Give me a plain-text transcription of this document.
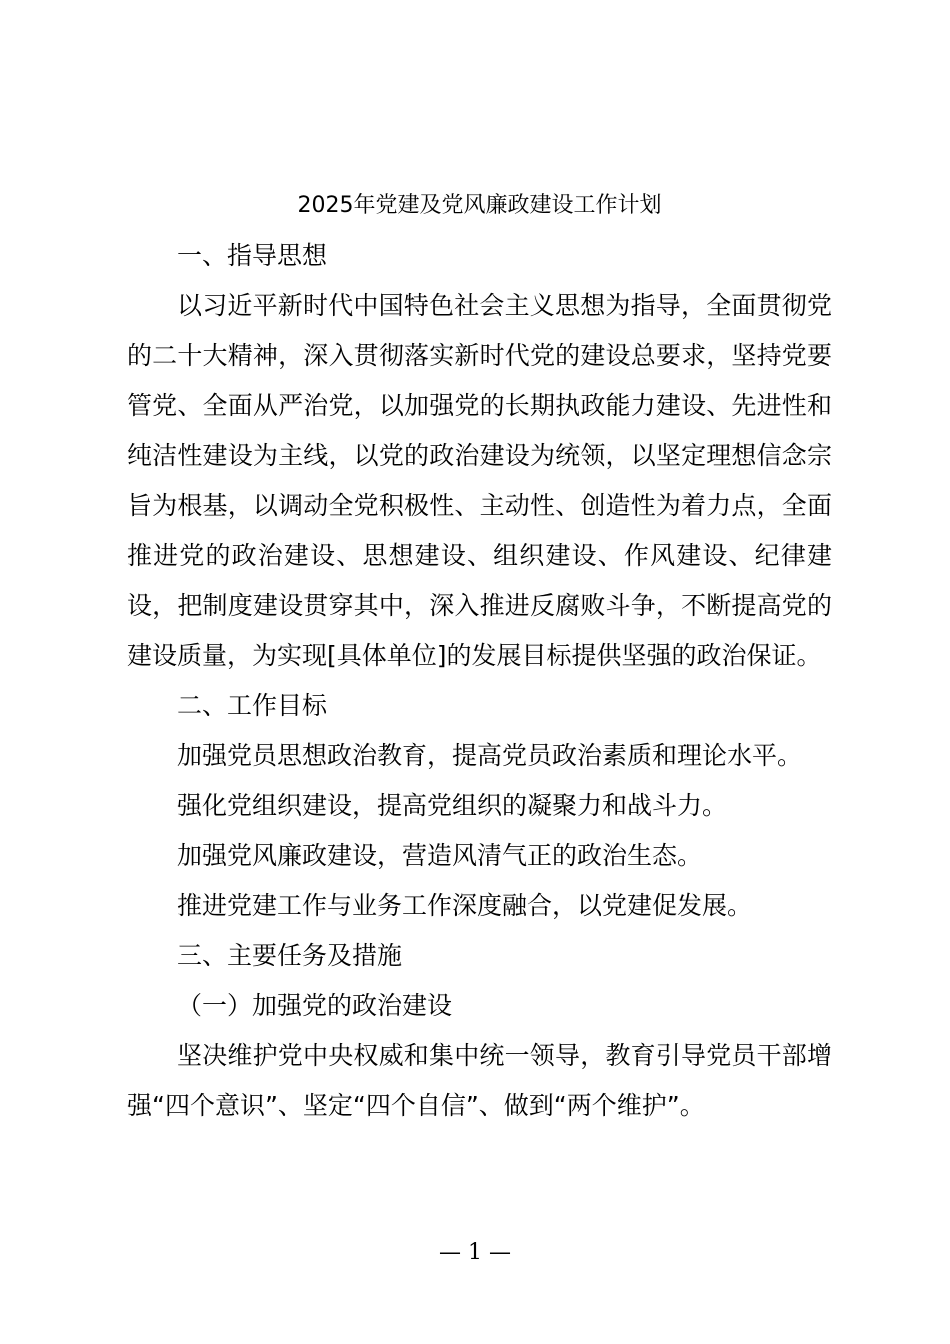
2025年党建及党风廉政建设工作计划
一、指导思想

以习近平新时代中国特色社会主义思想为指导，全面贯彻党的二十大精神，深入贯彻落实新时代党的建设总要求，坚持党要管党、全面从严治党，以加强党的长期执政能力建设、先进性和纯洁性建设为主线，以党的政治建设为统领，以坚定理想信念宗旨为根基，以调动全党积极性、主动性、创造性为着力点，全面推进党的政治建设、思想建设、组织建设、作风建设、纪律建设，把制度建设贯穿其中，深入推进反腐败斗争，不断提高党的建设质量，为实现[具体单位]的发展目标提供坚强的政治保证。

二、工作目标

加强党员思想政治教育，提高党员政治素质和理论水平。

强化党组织建设，提高党组织的凝聚力和战斗力。

加强党风廉政建设，营造风清气正的政治生态。

推进党建工作与业务工作深度融合，以党建促发展。

三、主要任务及措施
（一）加强党的政治建设

坚决维护党中央权威和集中统一领导，教育引导党员干部增强“四个意识”、坚定“四个自信”、做到“两个维护”。

— 1 —
